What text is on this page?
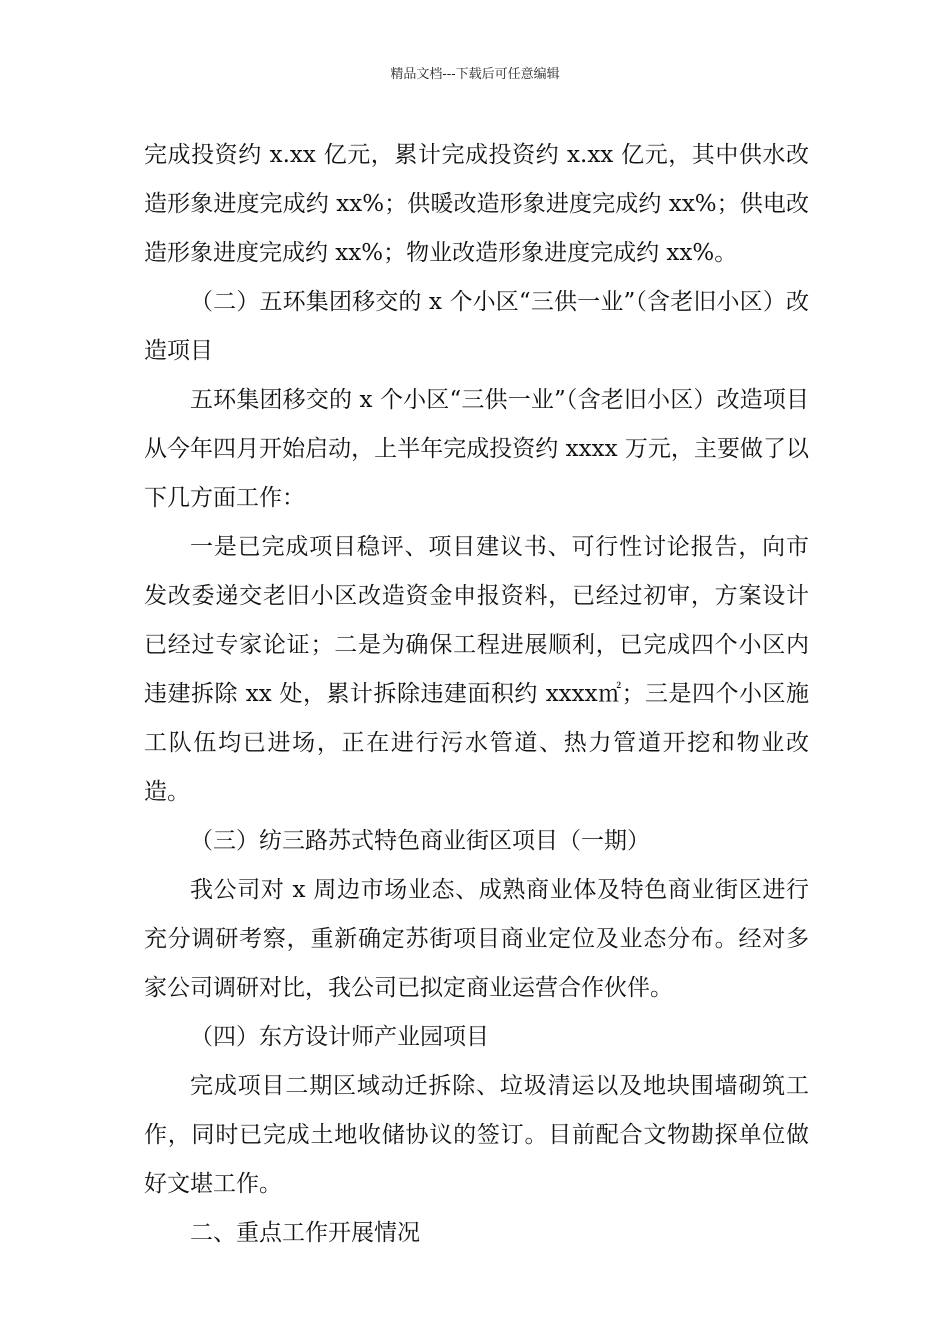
精品文档---下载后可任意编辑

完成投资约 x.xx 亿元，累计完成投资约 x.xx 亿元，其中供水改造形象进度完成约 xx%；供暖改造形象进度完成约 xx%；供电改造形象进度完成约 xx%；物业改造形象进度完成约 xx%。

（二）五环集团移交的 x 个小区“三供一业”（含老旧小区）改造项目

五环集团移交的 x 个小区“三供一业”（含老旧小区）改造项目从今年四月开始启动，上半年完成投资约 xxxx 万元，主要做了以下几方面工作：

一是已完成项目稳评、项目建议书、可行性讨论报告，向市发改委递交老旧小区改造资金申报资料，已经过初审，方案设计已经过专家论证；二是为确保工程进展顺利，已完成四个小区内违建拆除 xx 处，累计拆除违建面积约 xxxx㎡；三是四个小区施工队伍均已进场，正在进行污水管道、热力管道开挖和物业改造。

（三）纺三路苏式特色商业街区项目（一期）

我公司对 x 周边市场业态、成熟商业体及特色商业街区进行充分调研考察，重新确定苏街项目商业定位及业态分布。经对多家公司调研对比，我公司已拟定商业运营合作伙伴。

（四）东方设计师产业园项目

完成项目二期区域动迁拆除、垃圾清运以及地块围墙砌筑工作，同时已完成土地收储协议的签订。目前配合文物勘探单位做好文堪工作。

二、重点工作开展情况
